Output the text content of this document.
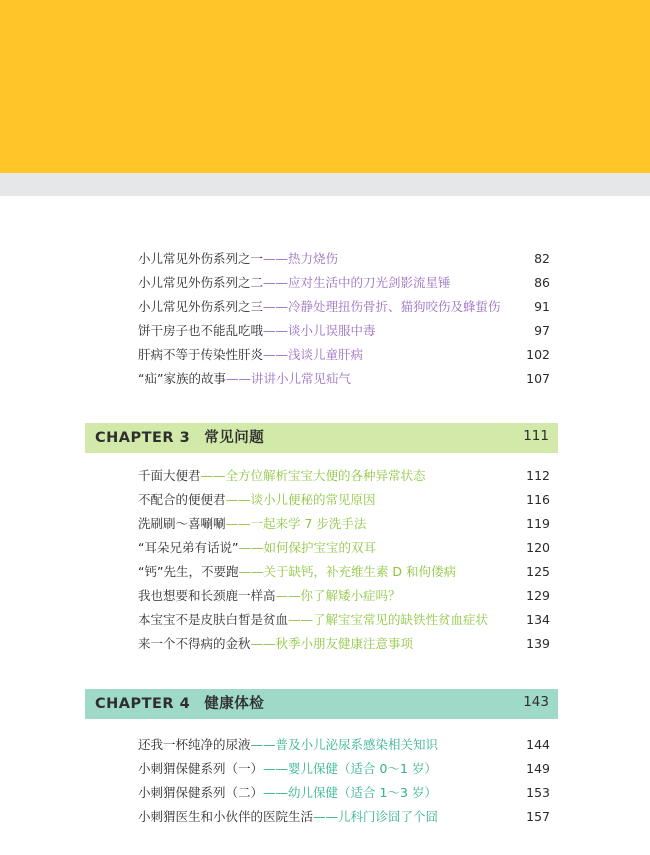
小儿常见外伤系列之一——热力烧伤	82
小儿常见外伤系列之二——应对生活中的刀光剑影流星锤	86
小儿常见外伤系列之三——冷静处理扭伤骨折、猫狗咬伤及蜂蜇伤	91
饼干房子也不能乱吃哦——谈小儿误服中毒	97
肝病不等于传染性肝炎——浅谈儿童肝病	102
“疝”家族的故事——讲讲小儿常见疝气	107
CHAPTER 3 常见问题	111
千面大便君——全方位解析宝宝大便的各种异常状态	112
不配合的便便君——谈小儿便秘的常见原因	116
洗刷刷～喜唰唰——一起来学 7 步洗手法	119
“耳朵兄弟有话说”——如何保护宝宝的双耳	120
“钙”先生，不要跑——关于缺钙，补充维生素 D 和佝偻病	125
我也想要和长颈鹿一样高——你了解矮小症吗？	129
本宝宝不是皮肤白皙是贫血——了解宝宝常见的缺铁性贫血症状	134
来一个不得病的金秋——秋季小朋友健康注意事项	139
CHAPTER 4 健康体检	143
还我一杯纯净的尿液——普及小儿泌尿系感染相关知识	144
小刺猬保健系列（一）——婴儿保健（适合 0～1 岁）	149
小刺猬保健系列（二）——幼儿保健（适合 1～3 岁）	153
小刺猬医生和小伙伴的医院生活——儿科门诊囧了个囧	157
